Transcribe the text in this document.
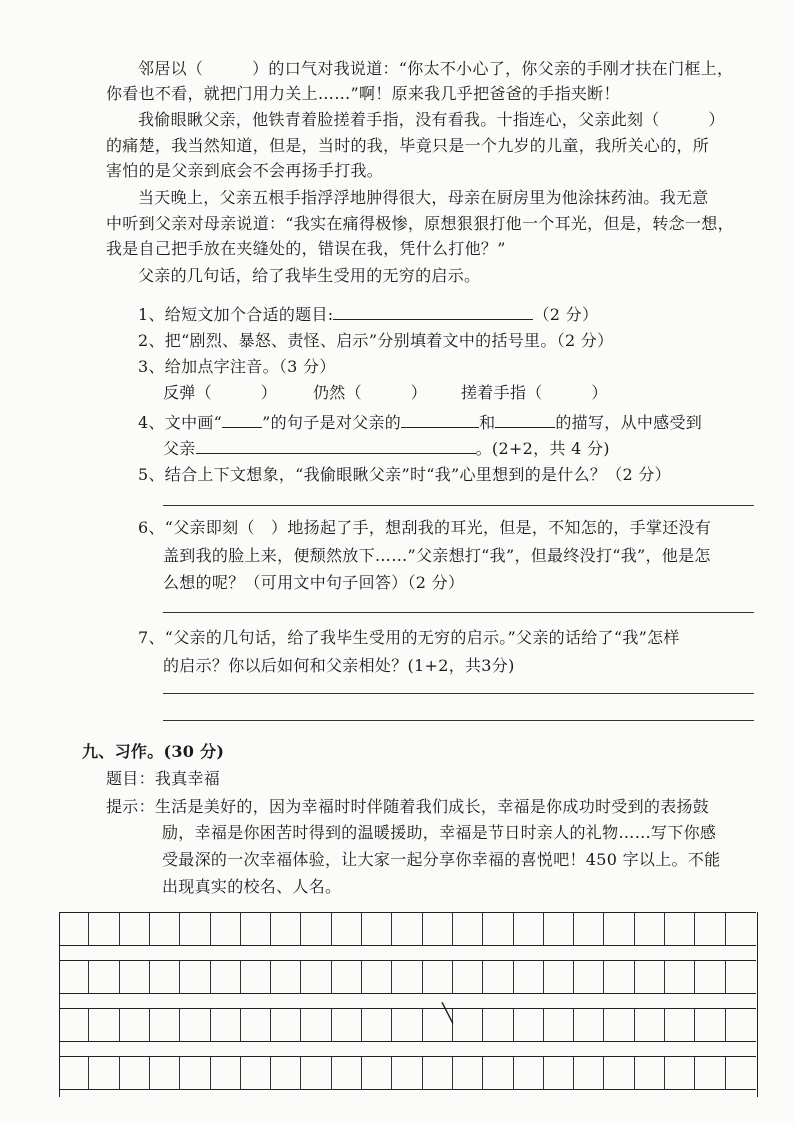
邻居以（　　　）的口气对我说道：“你太不小心了，你父亲的手刚才扶在门框上，
你看也不看，就把门用力关上……”啊！原来我几乎把爸爸的手指夹断！
我偷眼瞅父亲，他铁青着脸搓着手指，没有看我。十指连心，父亲此刻（　　　）
的痛楚，我当然知道，但是，当时的我，毕竟只是一个九岁的儿童，我所关心的，所
害怕的是父亲到底会不会再扬手打我。
当天晚上，父亲五根手指浮浮地肿得很大，母亲在厨房里为他涂抹药油。我无意
中听到父亲对母亲说道：“我实在痛得极惨，原想狠狠打他一个耳光，但是，转念一想，
我是自己把手放在夹缝处的，错误在我，凭什么打他？”
父亲的几句话，给了我毕生受用的无穷的启示。
1、给短文加个合适的题目:	（2 分）
2、把“剧烈、暴怒、责怪、启示”分别填着文中的括号里。（2 分）
3、给加点字注音。（3 分）
反弹（　　　） 仍然（　　　） 搓着手指（　　　）
4、文中画“	”的句子是对父亲的	和	的描写，从中感受到
父亲	。(2+2，共 4 分)
5、结合上下文想象，“我偷眼瞅父亲”时“我”心里想到的是什么？（2 分）
6、“父亲即刻（　）地扬起了手，想刮我的耳光，但是，不知怎的，手掌还没有
盖到我的脸上来，便颓然放下……”父亲想打“我”，但最终没打“我”，他是怎
么想的呢？（可用文中句子回答）（2 分）
7、“父亲的几句话，给了我毕生受用的无穷的启示。”父亲的话给了“我”怎样
的启示？你以后如何和父亲相处？(1+2，共3分)
九、习作。(30 分)
题目：我真幸福
提示：生活是美好的，因为幸福时时伴随着我们成长，幸福是你成功时受到的表扬鼓
励，幸福是你困苦时得到的温暖援助，幸福是节日时亲人的礼物……写下你感
受最深的一次幸福体验，让大家一起分享你幸福的喜悦吧！450 字以上。不能
出现真实的校名、人名。
╲
